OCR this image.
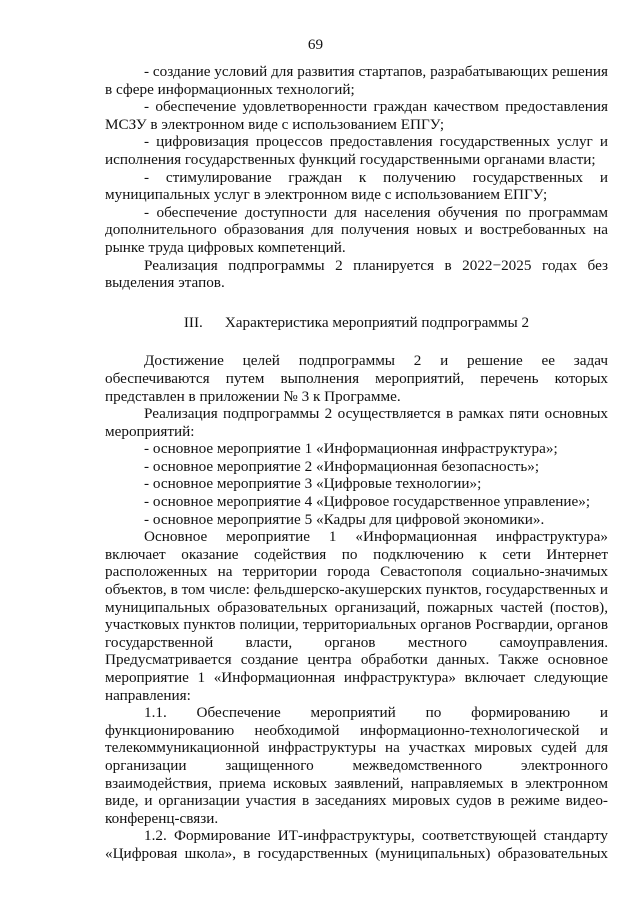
69

- создание условий для развития стартапов, разрабатывающих решения в сфере информационных технологий;

- обеспечение удовлетворенности граждан качеством предоставления МСЗУ в электронном виде с использованием ЕПГУ;

- цифровизация процессов предоставления государственных услуг и исполнения государственных функций государственными органами власти;

- стимулирование граждан к получению государственных и муниципальных услуг в электронном виде с использованием ЕПГУ;

- обеспечение доступности для населения обучения по программам дополнительного образования для получения новых и востребованных на рынке труда цифровых компетенций.

Реализация подпрограммы 2 планируется в 2022−2025 годах без выделения этапов.

III. Характеристика мероприятий подпрограммы 2

Достижение целей подпрограммы 2 и решение ее задач обеспечиваются путем выполнения мероприятий, перечень которых представлен в приложении № 3 к Программе.

Реализация подпрограммы 2 осуществляется в рамках пяти основных мероприятий:

- основное мероприятие 1 «Информационная инфраструктура»;

- основное мероприятие 2 «Информационная безопасность»;

- основное мероприятие 3 «Цифровые технологии»;

- основное мероприятие 4 «Цифровое государственное управление»;

- основное мероприятие 5 «Кадры для цифровой экономики».

Основное мероприятие 1 «Информационная инфраструктура» включает оказание содействия по подключению к сети Интернет расположенных на территории города Севастополя социально-значимых объектов, в том числе: фельдшерско-акушерских пунктов, государственных и муниципальных образовательных организаций, пожарных частей (постов), участковых пунктов полиции, территориальных органов Росгвардии, органов государственной власти, органов местного самоуправления. Предусматривается создание центра обработки данных. Также основное мероприятие 1 «Информационная инфраструктура» включает следующие направления:

1.1. Обеспечение мероприятий по формированию и функционированию необходимой информационно-технологической и телекоммуникационной инфраструктуры на участках мировых судей для организации защищенного межведомственного электронного взаимодействия, приема исковых заявлений, направляемых в электронном виде, и организации участия в заседаниях мировых судов в режиме видео-конференц-связи.

1.2. Формирование ИТ-инфраструктуры, соответствующей стандарту «Цифровая школа», в государственных (муниципальных) образовательных
